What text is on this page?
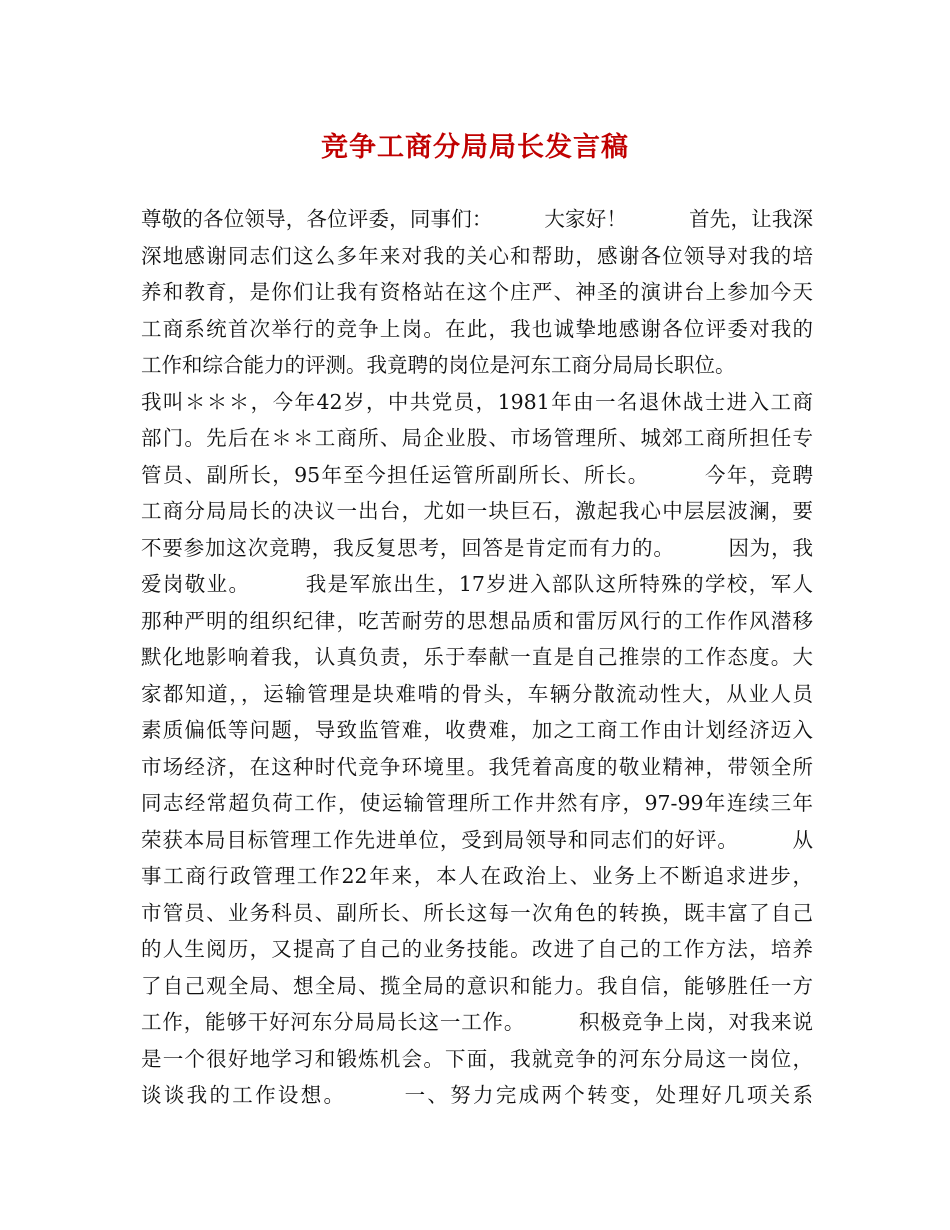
竞争工商分局局长发言稿
尊敬的各位领导，各位评委，同事们：　　　大家好！　　　首先，让我深
深地感谢同志们这么多年来对我的关心和帮助，感谢各位领导对我的培
养和教育，是你们让我有资格站在这个庄严、神圣的演讲台上参加今天
工商系统首次举行的竞争上岗。在此，我也诚挚地感谢各位评委对我的
工作和综合能力的评测。我竟聘的岗位是河东工商分局局长职位。
我叫＊＊＊，今年42岁，中共党员，1981年由一名退休战士进入工商
部门。先后在＊＊工商所、局企业股、市场管理所、城郊工商所担任专
管员、副所长，95年至今担任运管所副所长、所长。　　　今年，竞聘
工商分局局长的决议一出台，尤如一块巨石，激起我心中层层波澜，要
不要参加这次竞聘，我反复思考，回答是肯定而有力的。　　　因为，我
爱岗敬业。　　　我是军旅出生，17岁进入部队这所特殊的学校，军人
那种严明的组织纪律，吃苦耐劳的思想品质和雷厉风行的工作作风潜移
默化地影响着我，认真负责，乐于奉献一直是自己推崇的工作态度。大
家都知道，，运输管理是块难啃的骨头，车辆分散流动性大，从业人员
素质偏低等问题，导致监管难，收费难，加之工商工作由计划经济迈入
市场经济，在这种时代竞争环境里。我凭着高度的敬业精神，带领全所
同志经常超负荷工作，使运输管理所工作井然有序，97-99年连续三年
荣获本局目标管理工作先进单位，受到局领导和同志们的好评。　　　从
事工商行政管理工作22年来，本人在政治上、业务上不断追求进步，
市管员、业务科员、副所长、所长这每一次角色的转换，既丰富了自己
的人生阅历，又提高了自己的业务技能。改进了自己的工作方法，培养
了自己观全局、想全局、揽全局的意识和能力。我自信，能够胜任一方
工作，能够干好河东分局局长这一工作。　　　积极竞争上岗，对我来说
是一个很好地学习和锻炼机会。下面，我就竞争的河东分局这一岗位，
谈谈我的工作设想。　　　一、努力完成两个转变，处理好几项关系
